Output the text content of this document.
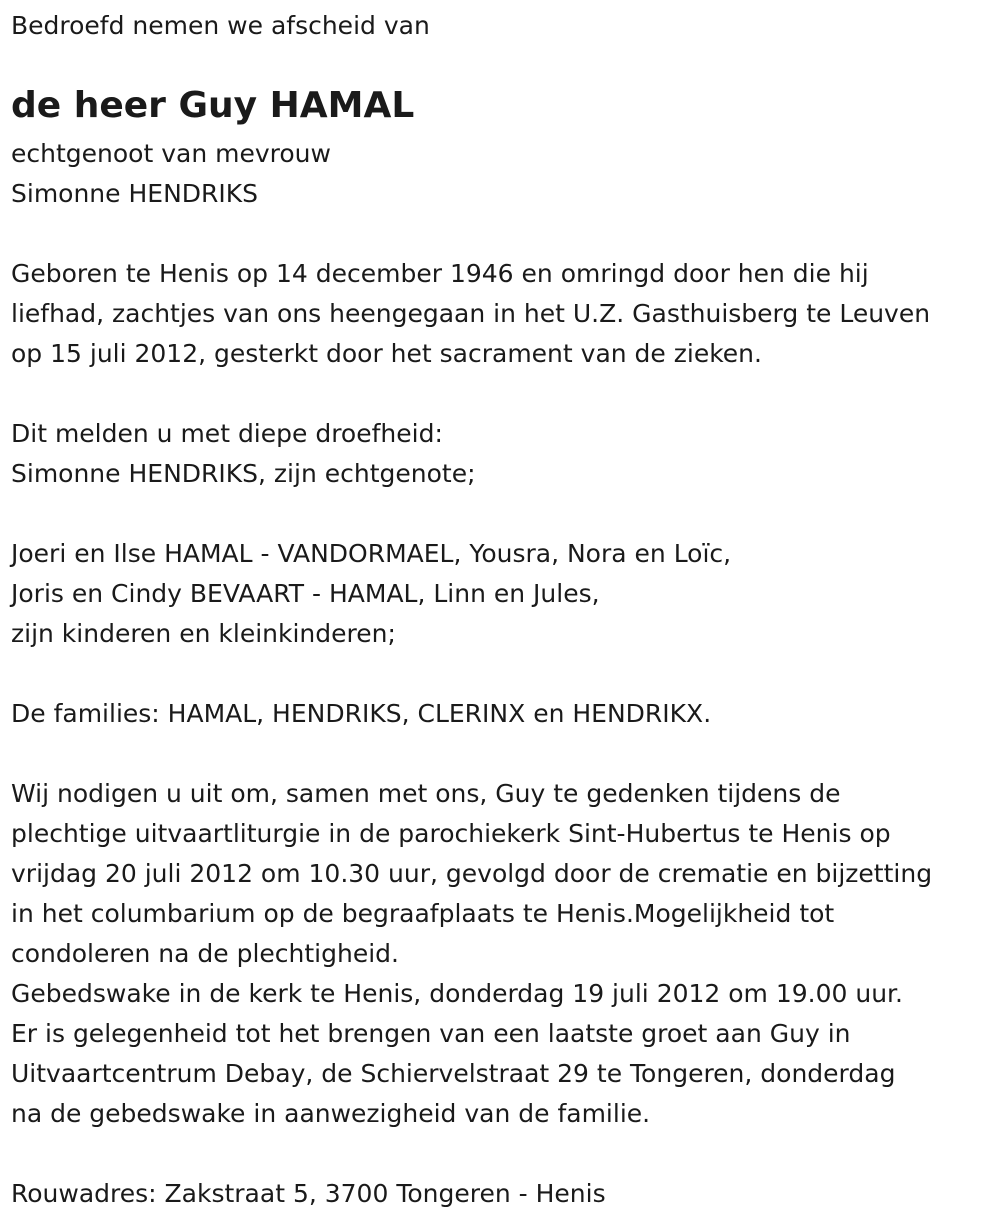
Bedroefd nemen we afscheid van
de heer Guy HAMAL
echtgenoot van mevrouw
Simonne HENDRIKS
Geboren te Henis op 14 december 1946 en omringd door hen die hij
liefhad, zachtjes van ons heengegaan in het U.Z. Gasthuisberg te Leuven
op 15 juli 2012, gesterkt door het sacrament van de zieken.
Dit melden u met diepe droefheid:
Simonne HENDRIKS, zijn echtgenote;
Joeri en Ilse HAMAL - VANDORMAEL, Yousra, Nora en Loïc,
Joris en Cindy BEVAART - HAMAL, Linn en Jules,
zijn kinderen en kleinkinderen;
De families: HAMAL, HENDRIKS, CLERINX en HENDRIKX.
Wij nodigen u uit om, samen met ons, Guy te gedenken tijdens de
plechtige uitvaartliturgie in de parochiekerk Sint-Hubertus te Henis op
vrijdag 20 juli 2012 om 10.30 uur, gevolgd door de crematie en bijzetting
in het columbarium op de begraafplaats te Henis.Mogelijkheid tot
condoleren na de plechtigheid.
Gebedswake in de kerk te Henis, donderdag 19 juli 2012 om 19.00 uur.
Er is gelegenheid tot het brengen van een laatste groet aan Guy in
Uitvaartcentrum Debay, de Schiervelstraat 29 te Tongeren, donderdag
na de gebedswake in aanwezigheid van de familie.
Rouwadres: Zakstraat 5, 3700 Tongeren - Henis
